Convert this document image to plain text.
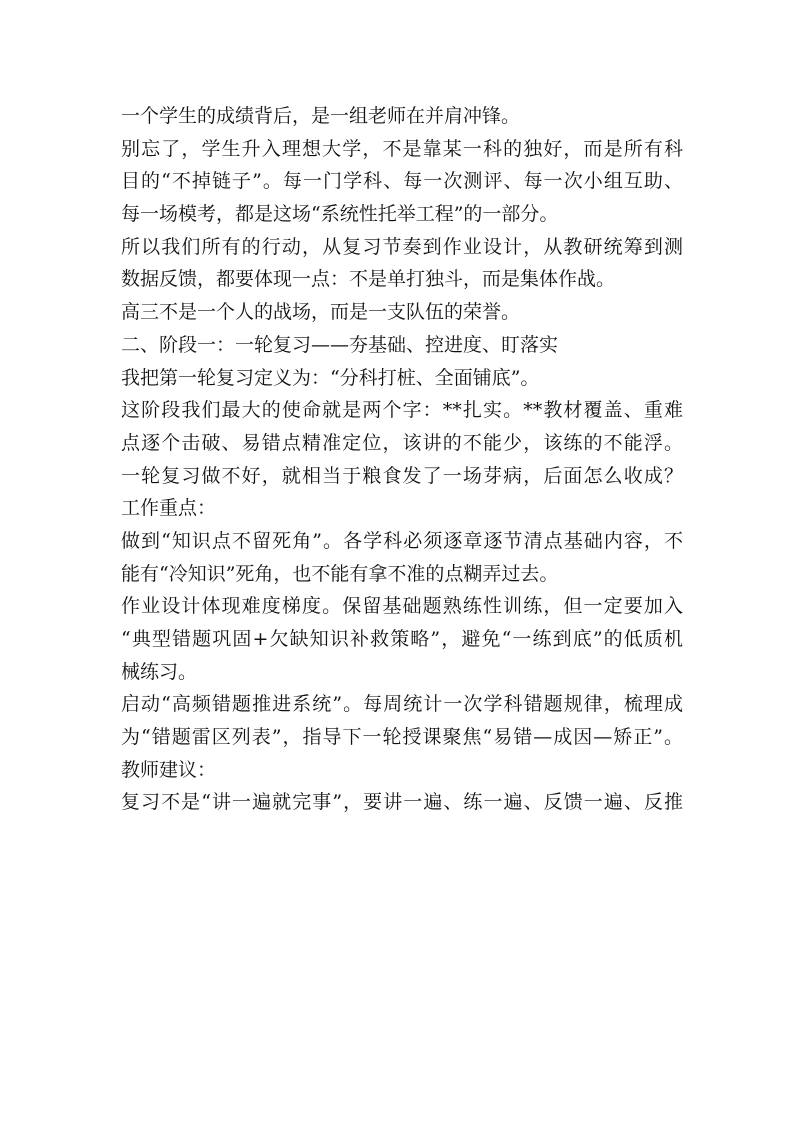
一个学生的成绩背后，是一组老师在并肩冲锋。
别忘了，学生升入理想大学，不是靠某一科的独好，而是所有科
目的“不掉链子”。每一门学科、每一次测评、每一次小组互助、
每一场模考，都是这场“系统性托举工程”的一部分。
所以我们所有的行动，从复习节奏到作业设计，从教研统筹到测
数据反馈，都要体现一点：不是单打独斗，而是集体作战。
高三不是一个人的战场，而是一支队伍的荣誉。
二、阶段一：一轮复习——夯基础、控进度、盯落实
我把第一轮复习定义为：“分科打桩、全面铺底”。
这阶段我们最大的使命就是两个字：**扎实。**教材覆盖、重难
点逐个击破、易错点精准定位，该讲的不能少，该练的不能浮。
一轮复习做不好，就相当于粮食发了一场芽病，后面怎么收成？
工作重点：
做到“知识点不留死角”。各学科必须逐章逐节清点基础内容，不
能有“冷知识”死角，也不能有拿不准的点糊弄过去。
作业设计体现难度梯度。保留基础题熟练性训练，但一定要加入
“典型错题巩固+欠缺知识补救策略”，避免“一练到底”的低质机
械练习。
启动“高频错题推进系统”。每周统计一次学科错题规律，梳理成
为“错题雷区列表”，指导下一轮授课聚焦“易错—成因—矫正”。
教师建议：
复习不是“讲一遍就完事”，要讲一遍、练一遍、反馈一遍、反推
